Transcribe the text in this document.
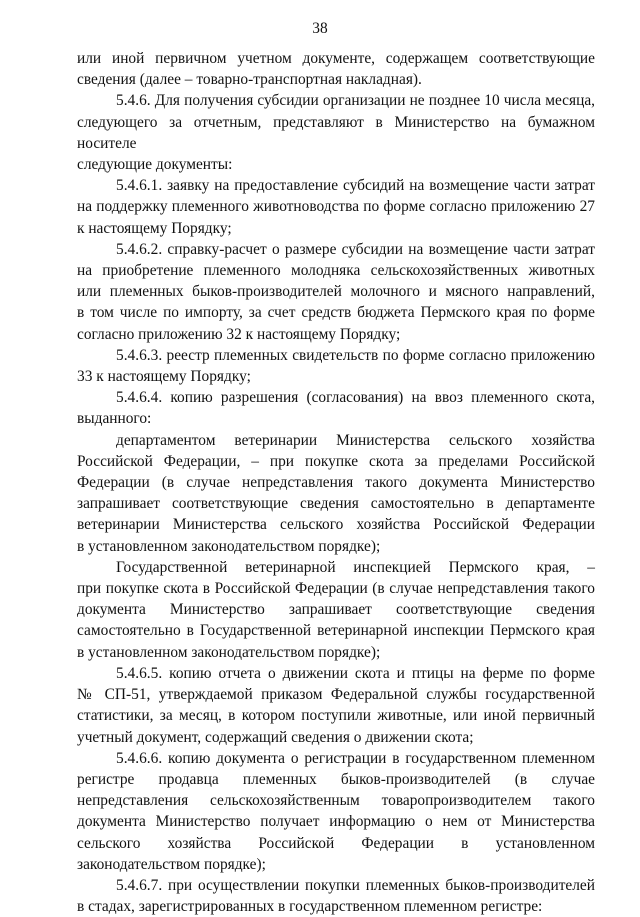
38
или иной первичном учетном документе, содержащем соответствующие
сведения (далее – товарно-транспортная накладная).
5.4.6. Для получения субсидии организации не позднее 10 числа месяца,
следующего за отчетным, представляют в Министерство на бумажном носителе
следующие документы:
5.4.6.1. заявку на предоставление субсидий на возмещение части затрат
на поддержку племенного животноводства по форме согласно приложению 27
к настоящему Порядку;
5.4.6.2. справку-расчет о размере субсидии на возмещение части затрат
на приобретение племенного молодняка сельскохозяйственных животных
или племенных быков-производителей молочного и мясного направлений,
в том числе по импорту, за счет средств бюджета Пермского края по форме
согласно приложению 32 к настоящему Порядку;
5.4.6.3. реестр племенных свидетельств по форме согласно приложению
33 к настоящему Порядку;
5.4.6.4. копию разрешения (согласования) на ввоз племенного скота,
выданного:
департаментом ветеринарии Министерства сельского хозяйства
Российской Федерации, – при покупке скота за пределами Российской
Федерации (в случае непредставления такого документа Министерство
запрашивает соответствующие сведения самостоятельно в департаменте
ветеринарии Министерства сельского хозяйства Российской Федерации
в установленном законодательством порядке);
Государственной ветеринарной инспекцией Пермского края, –
при покупке скота в Российской Федерации (в случае непредставления такого
документа Министерство запрашивает соответствующие сведения
самостоятельно в Государственной ветеринарной инспекции Пермского края
в установленном законодательством порядке);
5.4.6.5. копию отчета о движении скота и птицы на ферме по форме
№ СП-51, утверждаемой приказом Федеральной службы государственной
статистики, за месяц, в котором поступили животные, или иной первичный
учетный документ, содержащий сведения о движении скота;
5.4.6.6. копию документа о регистрации в государственном племенном
регистре продавца племенных быков-производителей (в случае
непредставления сельскохозяйственным товаропроизводителем такого
документа Министерство получает информацию о нем от Министерства
сельского хозяйства Российской Федерации в установленном
законодательством порядке);
5.4.6.7. при осуществлении покупки племенных быков-производителей
в стадах, зарегистрированных в государственном племенном регистре:
